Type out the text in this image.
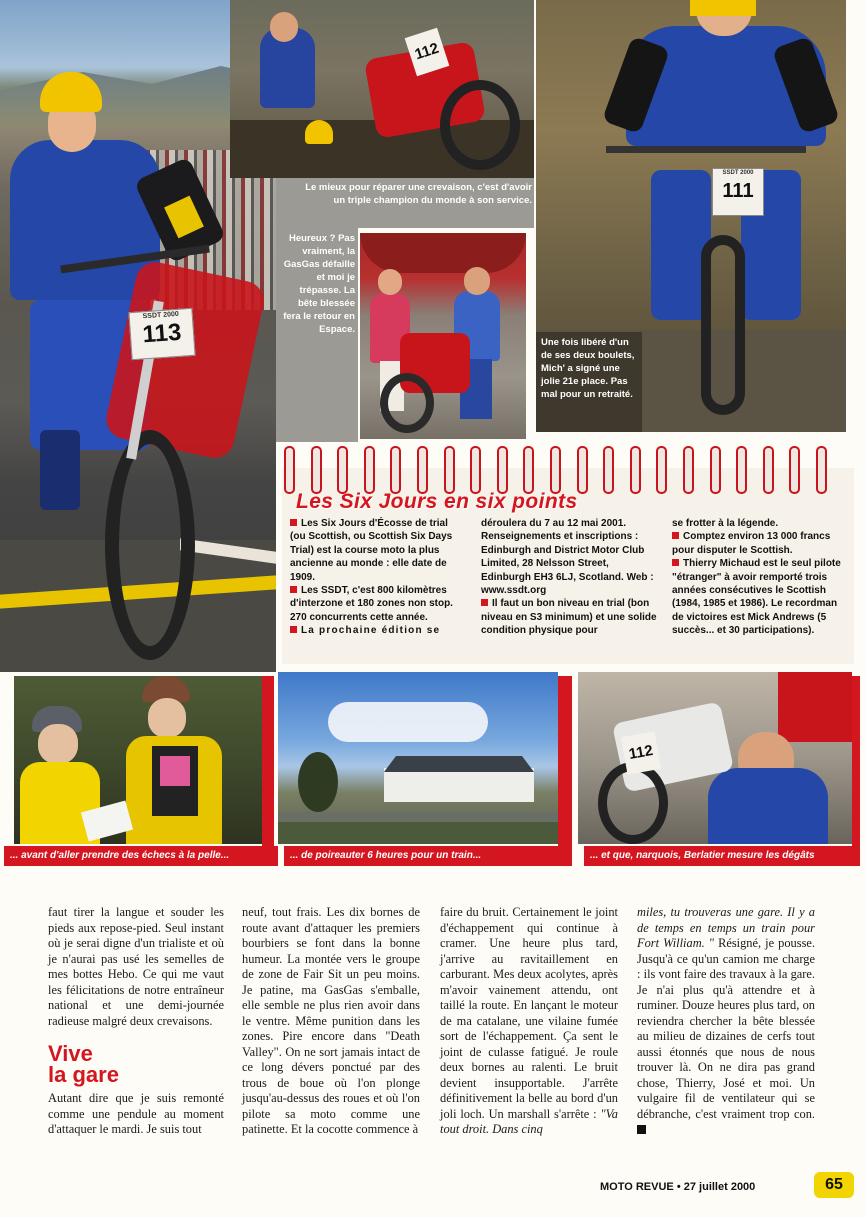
SSDT 2000
113
112
Le mieux pour réparer une crevaison, c'est d'avoir un triple champion du monde à son service.
Heureux ? Pas vraiment, la GasGas défaille et moi je trépasse. La bête blessée fera le retour en Espace.
SSDT 2000
111
Une fois libéré d'un de ses deux boulets, Mich' a signé une jolie 21e place. Pas mal pour un retraité.
Les Six Jours en six points

Les Six Jours d'Écosse de trial (ou Scottish, ou Scottish Six Days Trial) est la course moto la plus ancienne au monde : elle date de 1909.

Les SSDT, c'est 800 kilomètres d'interzone et 180 zones non stop. 270 concurrents cette année.

La prochaine édition se

déroulera du 7 au 12 mai 2001. Renseignements et inscriptions : Edinburgh and District Motor Club Limited, 28 Nelsson Street, Edinburgh EH3 6LJ, Scotland. Web : www.ssdt.org

Il faut un bon niveau en trial (bon niveau en S3 minimum) et une solide condition physique pour

se frotter à la légende.

Comptez environ 13 000 francs pour disputer le Scottish.

Thierry Michaud est le seul pilote "étranger" à avoir remporté trois années consécutives le Scottish (1984, 1985 et 1986). Le recordman de victoires est Mick Andrews (5 succès... et 30 participations).

... avant d'aller prendre des échecs à la pelle...	... de poireauter 6 heures pour un train...
112
... et que, narquois, Berlatier mesure les dégâts

faut tirer la langue et souder les pieds aux repose-pied. Seul instant où je serai digne d'un trialiste et où je n'aurai pas usé les semelles de mes bottes Hebo. Ce qui me vaut les félicitations de notre entraîneur national et une demi-journée radieuse malgré deux crevaisons.

Vive
la gare

Autant dire que je suis remonté comme une pendule au moment d'attaquer le mardi. Je suis tout

neuf, tout frais. Les dix bornes de route avant d'attaquer les premiers bourbiers se font dans la bonne humeur. La montée vers le groupe de zone de Fair Sit un peu moins. Je patine, ma GasGas s'emballe, elle semble ne plus rien avoir dans le ventre. Même punition dans les zones. Pire encore dans "Death Valley". On ne sort jamais intact de ce long dévers ponctué par des trous de boue où l'on plonge jusqu'au-dessus des roues et où l'on pilote sa moto comme une patinette. Et la cocotte commence à

faire du bruit. Certainement le joint d'échappement qui continue à cramer. Une heure plus tard, j'arrive au ravitaillement en carburant. Mes deux acolytes, après m'avoir vainement attendu, ont taillé la route. En lançant le moteur de ma catalane, une vilaine fumée sort de l'échappement. Ça sent le joint de culasse fatigué. Je roule deux bornes au ralenti. Le bruit devient insupportable. J'arrête définitivement la belle au bord d'un joli loch. Un marshall s'arrête : "Va tout droit. Dans cinq

miles, tu trouveras une gare. Il y a de temps en temps un train pour Fort William. " Résigné, je pousse. Jusqu'à ce qu'un camion me charge : ils vont faire des travaux à la gare. Je n'ai plus qu'à attendre et à ruminer. Douze heures plus tard, on reviendra chercher la bête blessée au milieu de dizaines de cerfs tout aussi étonnés que nous de nous trouver là. On ne dira pas grand chose, Thierry, José et moi. Un vulgaire fil de ventilateur qui se débranche, c'est vraiment trop con.

MOTO REVUE • 27 juillet 2000	65
